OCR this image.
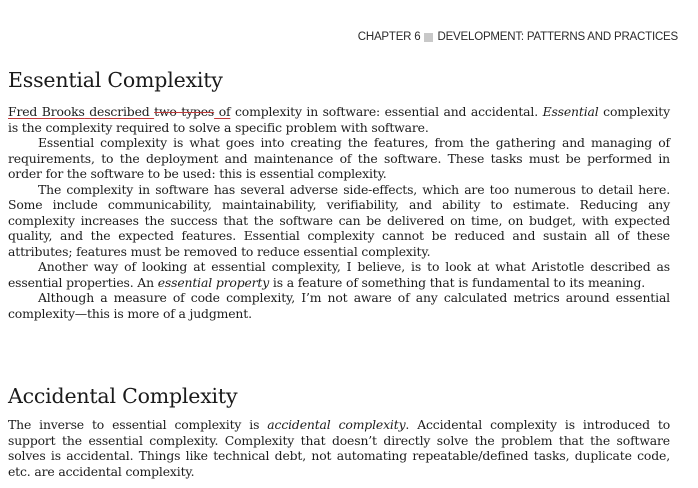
CHAPTER 6 DEVELOPMENT: PATTERNS AND PRACTICES
Essential Complexity

Fred Brooks described two types of complexity in software: essential and accidental. Essential complexity is the complexity required to solve a specific problem with software.

Essential complexity is what goes into creating the features, from the gathering and managing of requirements, to the deployment and maintenance of the software. These tasks must be performed in order for the software to be used: this is essential complexity.

The complexity in software has several adverse side-effects, which are too numerous to detail here. Some include communicability, maintainability, verifiability, and ability to estimate. Reducing any complexity increases the success that the software can be delivered on time, on budget, with expected quality, and the expected features. Essential complexity cannot be reduced and sustain all of these attributes; features must be removed to reduce essential complexity.

Another way of looking at essential complexity, I believe, is to look at what Aristotle described as essential properties. An essential property is a feature of something that is fundamental to its meaning.

Although a measure of code complexity, I’m not aware of any calculated metrics around essential complexity—this is more of a judgment.

Accidental Complexity

The inverse to essential complexity is accidental complexity. Accidental complexity is introduced to support the essential complexity. Complexity that doesn’t directly solve the problem that the software solves is accidental. Things like technical debt, not automating repeatable/defined tasks, duplicate code, etc. are accidental complexity.
